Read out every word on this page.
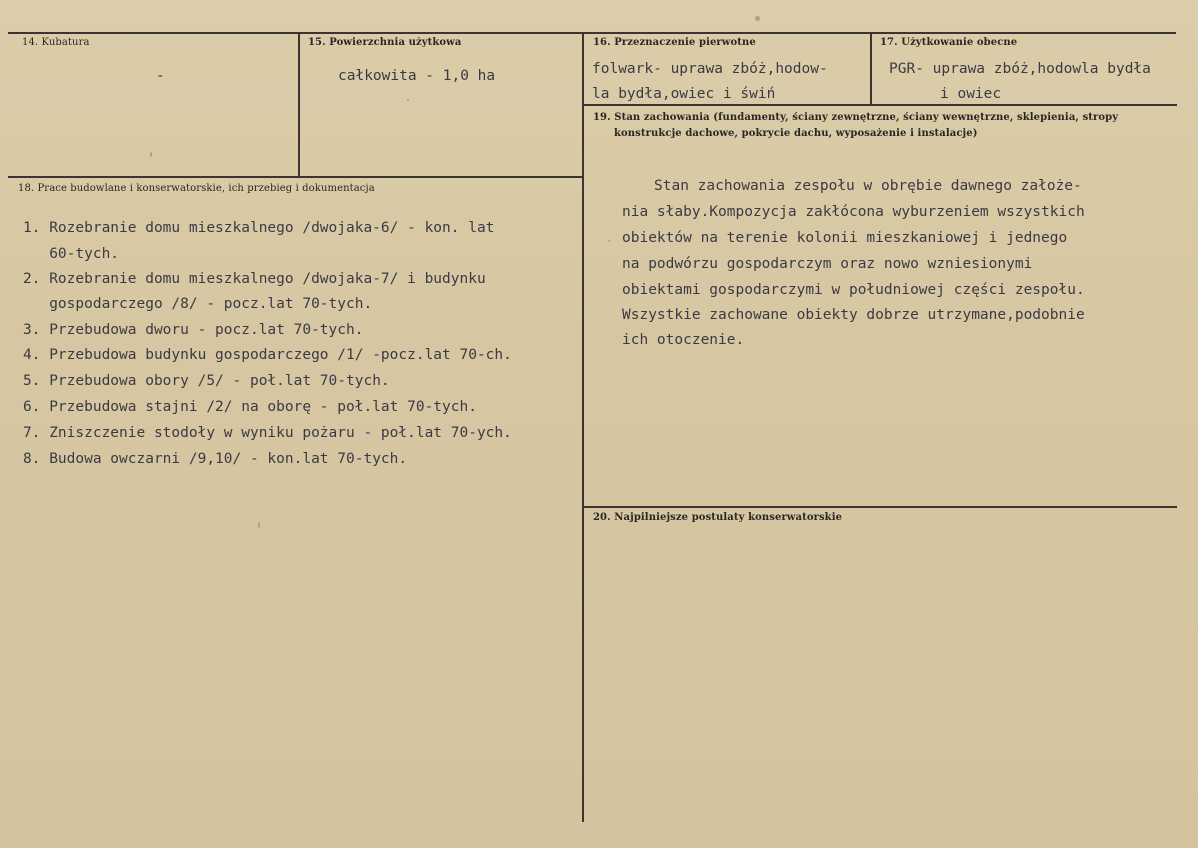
14. Kubatura
-
15. Powierzchnia użytkowa
całkowita - 1,0 ha
16. Przeznaczenie pierwotne
folwark- uprawa zbóż,hodow-
la bydła,owiec i świń
17. Użytkowanie obecne
PGR- uprawa zbóż,hodowla bydła
i owiec
19. Stan zachowania (fundamenty, ściany zewnętrzne, ściany wewnętrzne, sklepienia, stropy
konstrukcje dachowe, pokrycie dachu, wyposażenie i instalacje)
Stan zachowania zespołu w obrębie dawnego założe-
nia słaby.Kompozycja zakłócona wyburzeniem wszystkich
obiektów na terenie kolonii mieszkaniowej i jednego
na podwórzu gospodarczym oraz nowo wzniesionymi
obiektami gospodarczymi w południowej części zespołu.
Wszystkie zachowane obiekty dobrze utrzymane,podobnie
ich otoczenie.
18. Prace budowlane i konserwatorskie, ich przebieg i dokumentacja
1. Rozebranie domu mieszkalnego /dwojaka-6/ - kon. lat
60-tych.
2. Rozebranie domu mieszkalnego /dwojaka-7/ i budynku
gospodarczego /8/ - pocz.lat 70-tych.
3. Przebudowa dworu - pocz.lat 70-tych.
4. Przebudowa budynku gospodarczego /1/ -pocz.lat 70-ch.
5. Przebudowa obory /5/ - poł.lat 70-tych.
6. Przebudowa stajni /2/ na oborę - poł.lat 70-tych.
7. Zniszczenie stodoły w wyniku pożaru - poł.lat 70-ych.
8. Budowa owczarni /9,10/ - kon.lat 70-tych.
20. Najpilniejsze postulaty konserwatorskie
